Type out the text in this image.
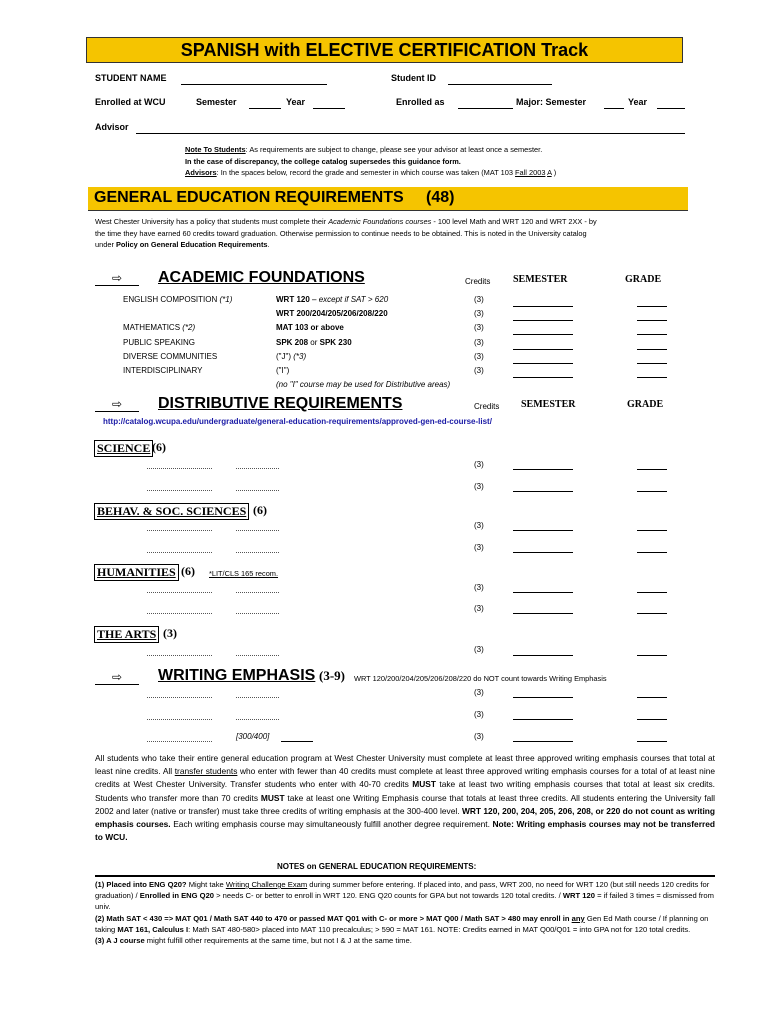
SPANISH with ELECTIVE CERTIFICATION Track
STUDENT NAME	Student ID
Enrolled at WCU	Semester	Year	Enrolled as	Major: Semester	Year
Advisor
Note To Students: As requirements are subject to change, please see your advisor at least once a semester.
In the case of discrepancy, the college catalog supersedes this guidance form.
Advisors: In the spaces below, record the grade and semester in which course was taken (MAT 103 Fall 2003 A )
GENERAL EDUCATION REQUIREMENTS (48)
West Chester University has a policy that students must complete their Academic Foundations courses - 100 level Math and WRT 120 and WRT 2XX - by
the time they have earned 60 credits toward graduation. Otherwise permission to continue needs to be obtained. This is noted in the University catalog
under Policy on General Education Requirements.
⇨	ACADEMIC FOUNDATIONS	Credits SEMESTER	GRADE
ENGLISH COMPOSITION (*1)	WRT 120 – except if SAT > 620	(3)
WRT 200/204/205/206/208/220	(3)
MATHEMATICS (*2)	MAT 103 or above	(3)
PUBLIC SPEAKING	SPK 208 or SPK 230	(3)
DIVERSE COMMUNITIES	("J") (*3)	(3)
INTERDISCIPLINARY	("I")	(3)
(no "I" course may be used for Distributive areas)
⇨	DISTRIBUTIVE REQUIREMENTS	Credits SEMESTER	GRADE
http://catalog.wcupa.edu/undergraduate/general-education-requirements/approved-gen-ed-course-list/
SCIENCE (6)
(3)
(3)
BEHAV. & SOC. SCIENCES (6)
(3)
(3)
HUMANITIES (6) *LIT/CLS 165 recom.
(3)
(3)
THE ARTS (3)
(3)
⇨	WRITING EMPHASIS (3-9) WRT 120/200/204/205/206/208/220 do NOT count towards Writing Emphasis
(3)
(3)
[300/400]	(3)
All students who take their entire general education program at West Chester University must complete at least three approved writing emphasis courses that total at least nine credits. All transfer students who enter with fewer than 40 credits must complete at least three approved writing emphasis courses for a total of at least nine credits at West Chester University. Transfer students who enter with 40-70 credits MUST take at least two writing emphasis courses that total at least six credits. Students who transfer more than 70 credits MUST take at least one Writing Emphasis course that totals at least three credits. All students entering the University fall 2002 and later (native or transfer) must take three credits of writing emphasis at the 300-400 level. WRT 120, 200, 204, 205, 206, 208, or 220 do not count as writing emphasis courses. Each writing emphasis course may simultaneously fulfill another degree requirement. Note: Writing emphasis courses may not be transferred to WCU.
NOTES on GENERAL EDUCATION REQUIREMENTS:
(1) Placed into ENG Q20? Might take Writing Challenge Exam during summer before entering. If placed into, and pass, WRT 200, no need for WRT 120 (but still needs 120 credits for graduation) / Enrolled in ENG Q20 > needs C- or better to enroll in WRT 120. ENG Q20 counts for GPA but not towards 120 total credits. / WRT 120 = if failed 3 times = dismissed from univ.
(2) Math SAT < 430 => MAT Q01 / Math SAT 440 to 470 or passed MAT Q01 with C- or more > MAT Q00 / Math SAT > 480 may enroll in any Gen Ed Math course / If planning on taking MAT 161, Calculus I: Math SAT 480-580> placed into MAT 110 precalculus; > 590 = MAT 161. NOTE: Credits earned in MAT Q00/Q01 = into GPA not for 120 total credits.
(3) A J course might fulfill other requirements at the same time, but not I & J at the same time.
